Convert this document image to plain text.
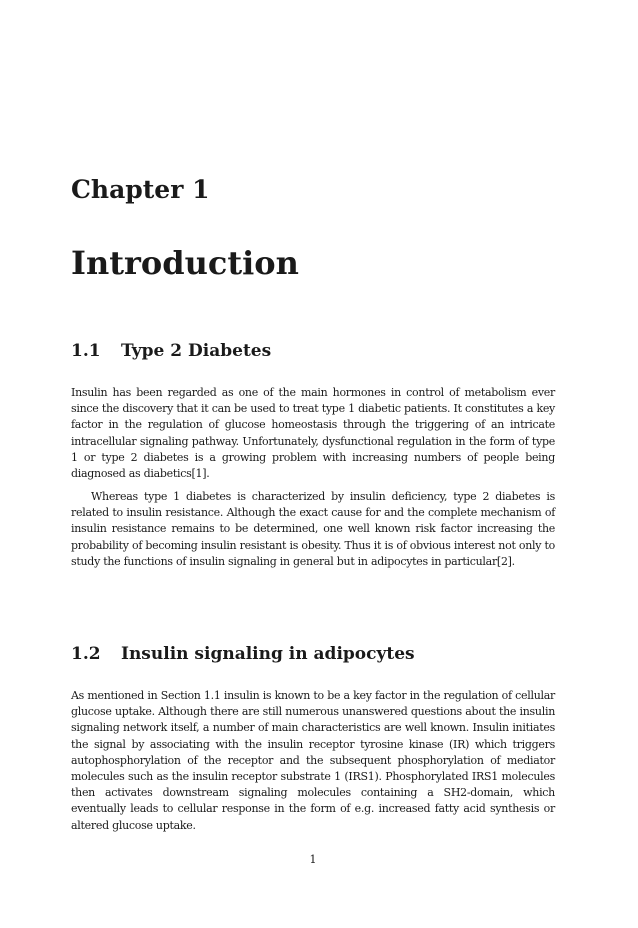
Chapter 1
Introduction
1.1 Type 2 Diabetes

Insulin has been regarded as one of the main hormones in control of metabolism ever since the discovery that it can be used to treat type 1 diabetic patients. It constitutes a key factor in the regulation of glucose homeostasis through the triggering of an intricate intracellular signaling pathway. Unfortunately, dysfunctional regulation in the form of type 1 or type 2 diabetes is a growing problem with increasing numbers of people being diagnosed as diabetics[1].

Whereas type 1 diabetes is characterized by insulin deficiency, type 2 diabetes is related to insulin resistance. Although the exact cause for and the complete mechanism of insulin resistance remains to be determined, one well known risk factor increasing the probability of becoming insulin resistant is obesity. Thus it is of obvious interest not only to study the functions of insulin signaling in general but in adipocytes in particular[2].

1.2 Insulin signaling in adipocytes

As mentioned in Section 1.1 insulin is known to be a key factor in the regulation of cellular glucose uptake. Although there are still numerous unanswered questions about the insulin signaling network itself, a number of main characteristics are well known. Insulin initiates the signal by associating with the insulin receptor tyrosine kinase (IR) which triggers autophosphorylation of the receptor and the subsequent phosphorylation of mediator molecules such as the insulin receptor substrate 1 (IRS1). Phosphorylated IRS1 molecules then activates downstream signaling molecules containing a SH2-domain, which eventually leads to cellular response in the form of e.g. increased fatty acid synthesis or altered glucose uptake.

1
